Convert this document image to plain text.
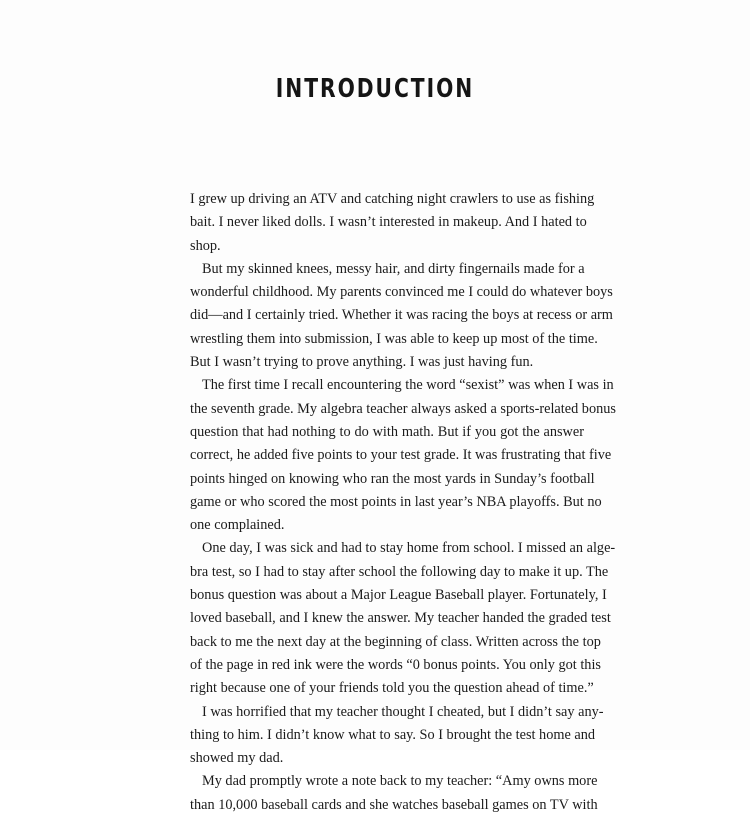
INTRODUCTION
I grew up driving an ATV and catching night crawlers to use as fishing
bait. I never liked dolls. I wasn’t interested in makeup. And I hated to
shop.
But my skinned knees, messy hair, and dirty fingernails made for a
wonderful childhood. My parents convinced me I could do whatever boys
did—and I certainly tried. Whether it was racing the boys at recess or arm
wrestling them into submission, I was able to keep up most of the time.
But I wasn’t trying to prove anything. I was just having fun.
The first time I recall encountering the word “sexist” was when I was in
the seventh grade. My algebra teacher always asked a sports-related bonus
question that had nothing to do with math. But if you got the answer
correct, he added five points to your test grade. It was frustrating that five
points hinged on knowing who ran the most yards in Sunday’s football
game or who scored the most points in last year’s NBA playoffs. But no
one complained.
One day, I was sick and had to stay home from school. I missed an alge-
bra test, so I had to stay after school the following day to make it up. The
bonus question was about a Major League Baseball player. Fortunately, I
loved baseball, and I knew the answer. My teacher handed the graded test
back to me the next day at the beginning of class. Written across the top
of the page in red ink were the words “0 bonus points. You only got this
right because one of your friends told you the question ahead of time.”
I was horrified that my teacher thought I cheated, but I didn’t say any-
thing to him. I didn’t know what to say. So I brought the test home and
showed my dad.
My dad promptly wrote a note back to my teacher: “Amy owns more
than 10,000 baseball cards and she watches baseball games on TV with
